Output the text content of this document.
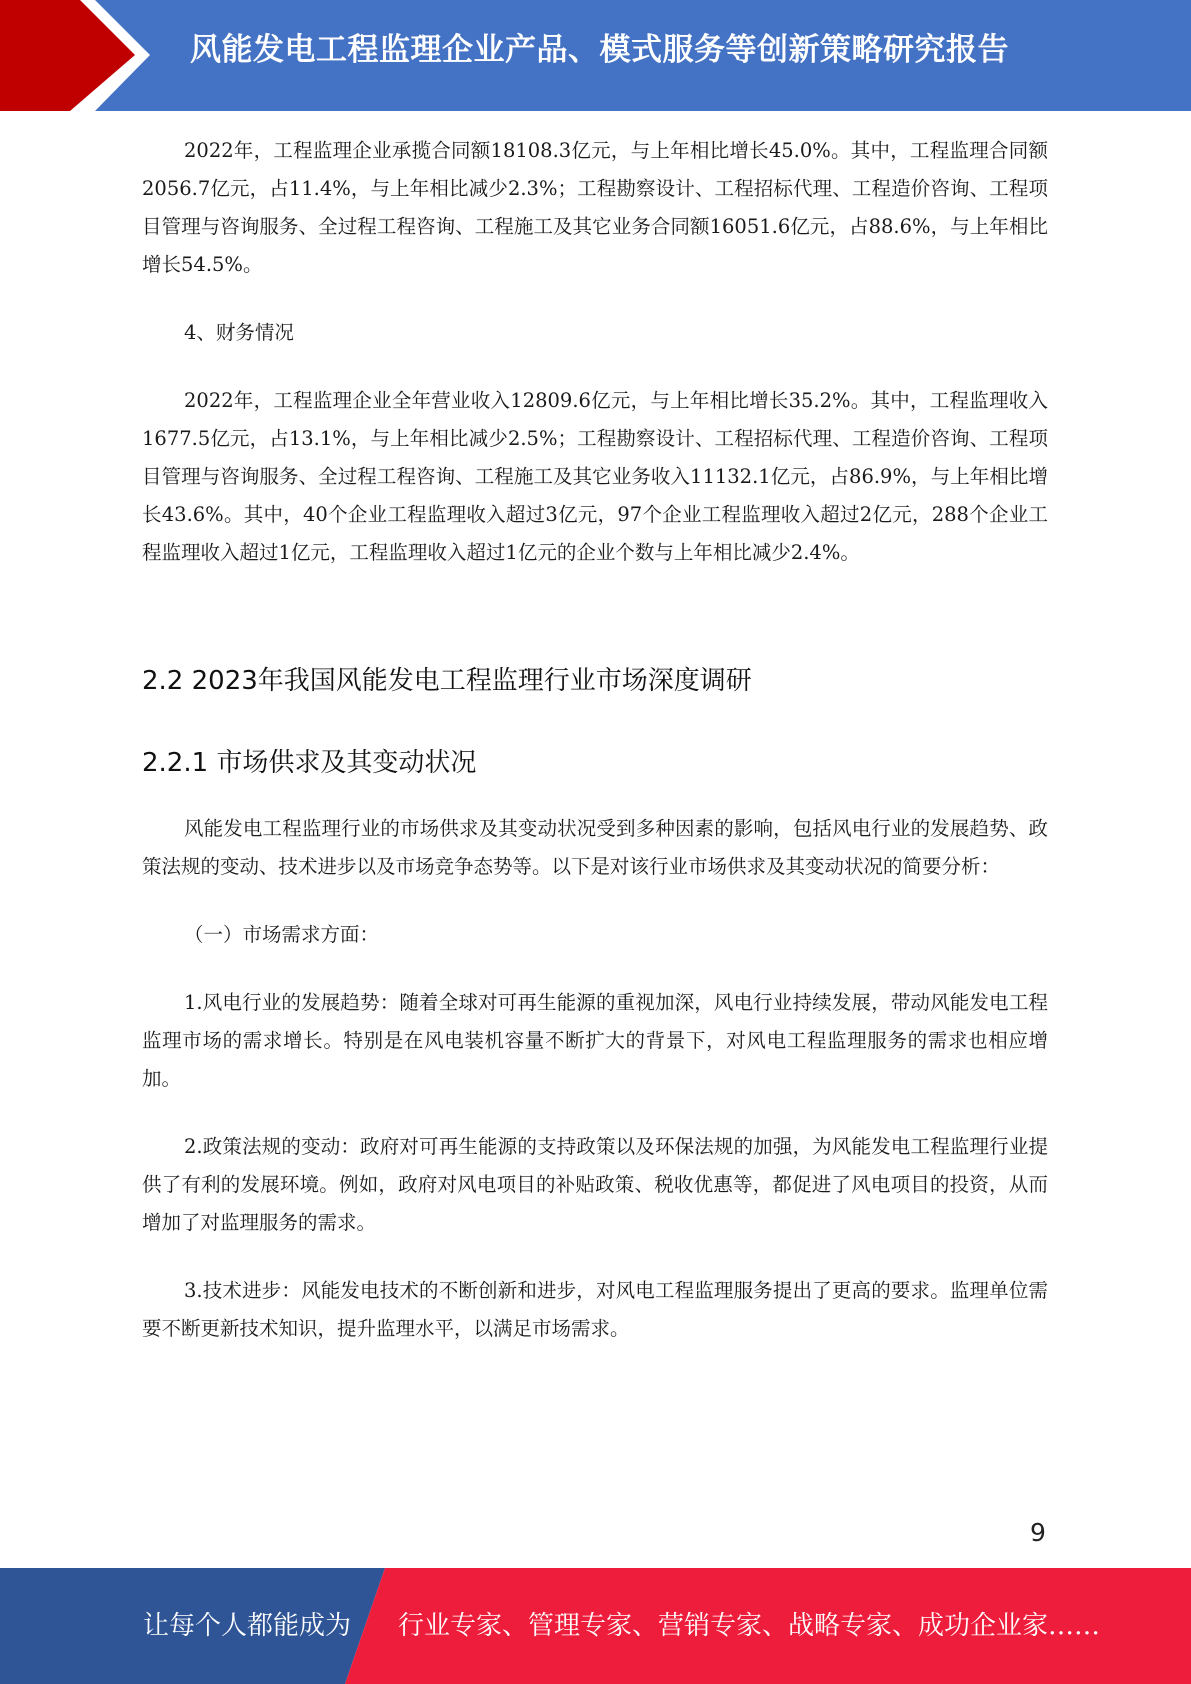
风能发电工程监理企业产品、模式服务等创新策略研究报告

2022年，工程监理企业承揽合同额18108.3亿元，与上年相比增长45.0%。其中，工程监理合同额2056.7亿元，占11.4%，与上年相比减少2.3%；工程勘察设计、工程招标代理、工程造价咨询、工程项目管理与咨询服务、全过程工程咨询、工程施工及其它业务合同额16051.6亿元，占88.6%，与上年相比增长54.5%。

4、财务情况

2022年，工程监理企业全年营业收入12809.6亿元，与上年相比增长35.2%。其中，工程监理收入1677.5亿元，占13.1%，与上年相比减少2.5%；工程勘察设计、工程招标代理、工程造价咨询、工程项目管理与咨询服务、全过程工程咨询、工程施工及其它业务收入11132.1亿元，占86.9%，与上年相比增长43.6%。其中，40个企业工程监理收入超过3亿元，97个企业工程监理收入超过2亿元，288个企业工程监理收入超过1亿元，工程监理收入超过1亿元的企业个数与上年相比减少2.4%。

2.2 2023年我国风能发电工程监理行业市场深度调研
2.2.1 市场供求及其变动状况

风能发电工程监理行业的市场供求及其变动状况受到多种因素的影响，包括风电行业的发展趋势、政策法规的变动、技术进步以及市场竞争态势等。以下是对该行业市场供求及其变动状况的简要分析：

（一）市场需求方面：

1.风电行业的发展趋势：随着全球对可再生能源的重视加深，风电行业持续发展，带动风能发电工程监理市场的需求增长。特别是在风电装机容量不断扩大的背景下，对风电工程监理服务的需求也相应增加。

2.政策法规的变动：政府对可再生能源的支持政策以及环保法规的加强，为风能发电工程监理行业提供了有利的发展环境。例如，政府对风电项目的补贴政策、税收优惠等，都促进了风电项目的投资，从而增加了对监理服务的需求。

3.技术进步：风能发电技术的不断创新和进步，对风电工程监理服务提出了更高的要求。监理单位需要不断更新技术知识，提升监理水平，以满足市场需求。

9
让每个人都能成为 行业专家、管理专家、营销专家、战略专家、成功企业家……
